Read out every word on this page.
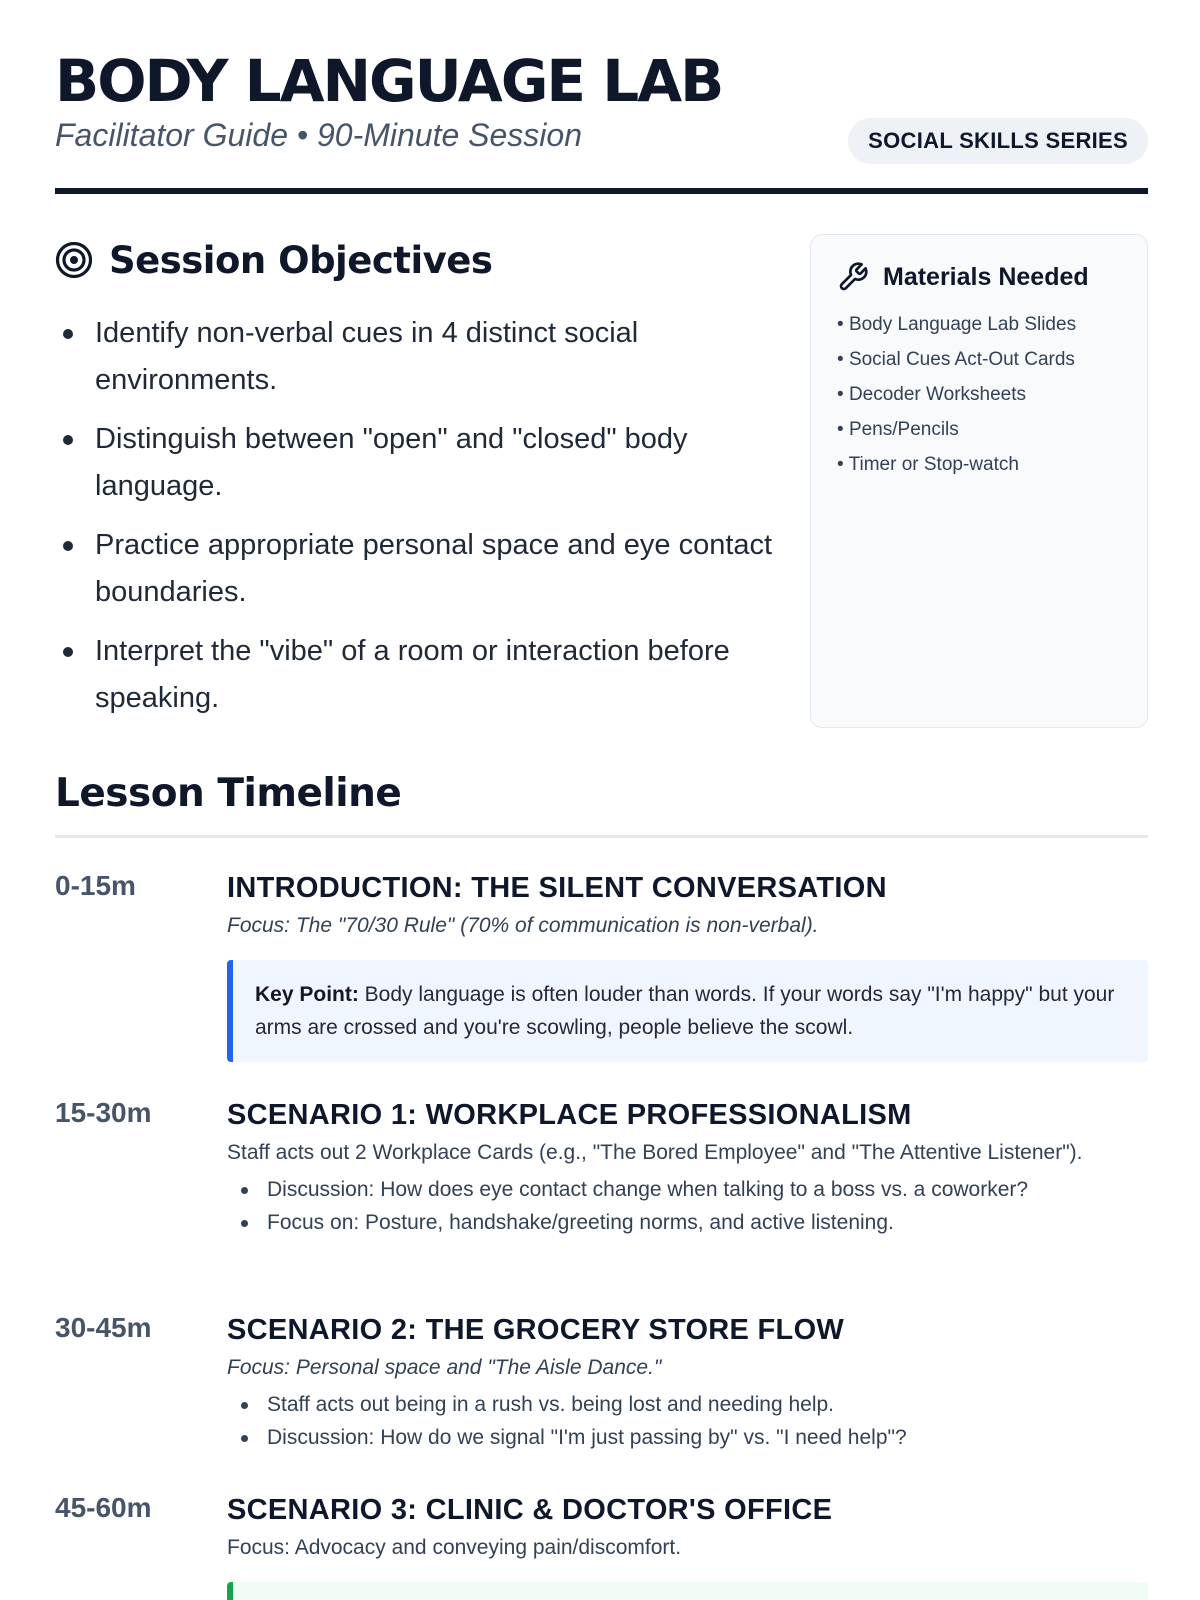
BODY LANGUAGE LAB
Facilitator Guide • 90-Minute Session	SOCIAL SKILLS SERIES
Session Objectives
Identify non-verbal cues in 4 distinct social environments.
Distinguish between "open" and "closed" body language.
Practice appropriate personal space and eye contact boundaries.
Interpret the "vibe" of a room or interaction before speaking.
Materials Needed
• Body Language Lab Slides
• Social Cues Act-Out Cards
• Decoder Worksheets
• Pens/Pencils
• Timer or Stop-watch
Lesson Timeline
0-15m	INTRODUCTION: THE SILENT CONVERSATION
Focus: The "70/30 Rule" (70% of communication is non-verbal).
Key Point: Body language is often louder than words. If your words say "I'm happy" but your arms are crossed and you're scowling, people believe the scowl.
15-30m	SCENARIO 1: WORKPLACE PROFESSIONALISM
Staff acts out 2 Workplace Cards (e.g., "The Bored Employee" and "The Attentive Listener").
Discussion: How does eye contact change when talking to a boss vs. a coworker?
Focus on: Posture, handshake/greeting norms, and active listening.
30-45m	SCENARIO 2: THE GROCERY STORE FLOW
Focus: Personal space and "The Aisle Dance."
Staff acts out being in a rush vs. being lost and needing help.
Discussion: How do we signal "I'm just passing by" vs. "I need help"?
45-60m	SCENARIO 3: CLINIC & DOCTOR'S OFFICE
Focus: Advocacy and conveying pain/discomfort.
